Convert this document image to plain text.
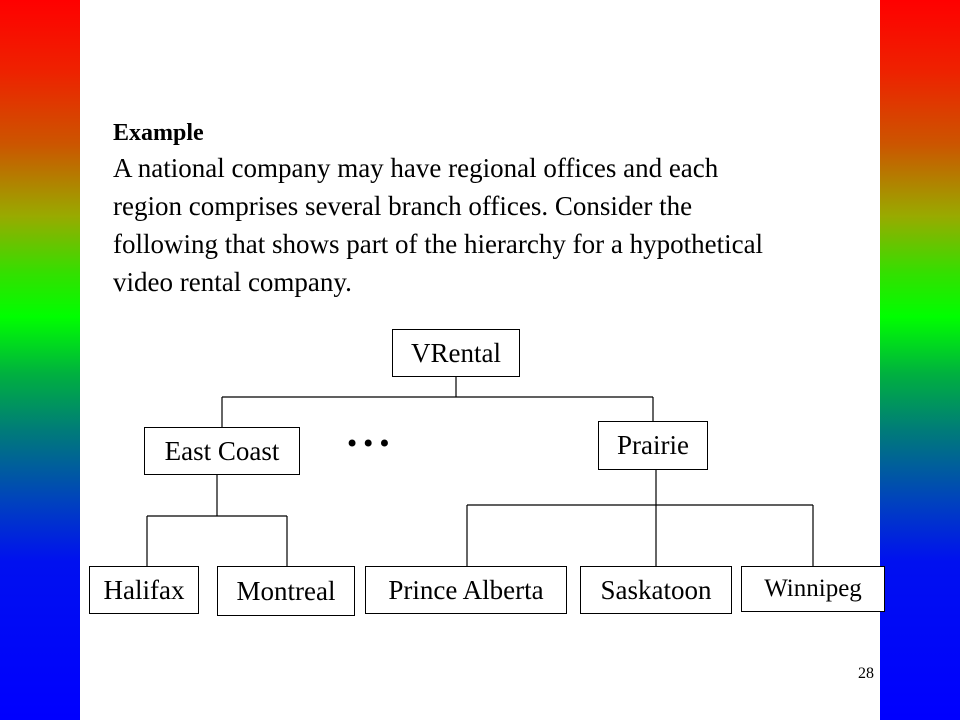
Example
A national company may have regional offices and each
region comprises several branch offices. Consider the
following that shows part of the hierarchy for a hypothetical
video rental company.
VRental
East Coast	Prairie
•••
Halifax	Montreal	Prince Alberta	Saskatoon	Winnipeg
28
